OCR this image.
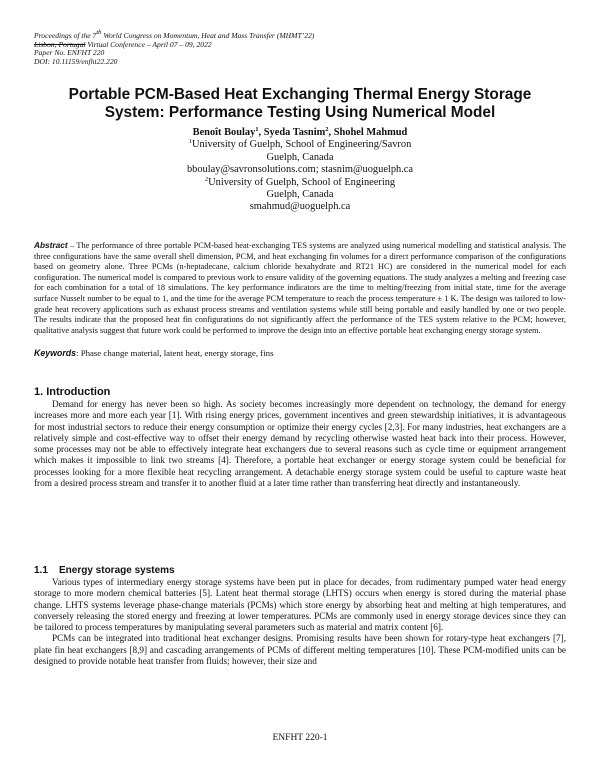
Proceedings of the 7th World Congress on Momentum, Heat and Mass Transfer (MHMT’22)
Lisbon, Portugal Virtual Conference – April 07 – 09, 2022
Paper No. ENFHT 220
DOI: 10.11159/enfht22.220
Portable PCM-Based Heat Exchanging Thermal Energy Storage
System: Performance Testing Using Numerical Model
Benoît Boulay$^1$, Syeda Tasnim$^2$, Shohel Mahmud
$^1$University of Guelph, School of Engineering/Savron
Guelph, Canada
bboulay@savronsolutions.com; stasnim@uoguelph.ca
$^2$University of Guelph, School of Engineering
Guelph, Canada
smahmud@uoguelph.ca
Abstract – The performance of three portable PCM-based heat-exchanging TES systems are analyzed using numerical modelling and statistical analysis. The three configurations have the same overall shell dimension, PCM, and heat exchanging fin volumes for a direct performance comparison of the configurations based on geometry alone. Three PCMs (n-heptadecane, calcium chloride hexahydrate and RT21 HC) are considered in the numerical model for each configuration. The numerical model is compared to previous work to ensure validity of the governing equations. The study analyzes a melting and freezing case for each combination for a total of 18 simulations. The key performance indicators are the time to melting/freezing from initial state, time for the average surface Nusselt number to be equal to 1, and the time for the average PCM temperature to reach the process temperature ± 1 K. The design was tailored to low-grade heat recovery applications such as exhaust process streams and ventilation systems while still being portable and easily handled by one or two people. The results indicate that the proposed heat fin configurations do not significantly affect the performance of the TES system relative to the PCM; however, qualitative analysis suggest that future work could be performed to improve the design into an effective portable heat exchanging energy storage system.
Keywords: Phase change material, latent heat, energy storage, fins
1. Introduction
Demand for energy has never been so high. As society becomes increasingly more dependent on technology, the demand for energy increases more and more each year [1]. With rising energy prices, government incentives and green stewardship initiatives, it is advantageous for most industrial sectors to reduce their energy consumption or optimize their energy cycles [2,3]. For many industries, heat exchangers are a relatively simple and cost-effective way to offset their energy demand by recycling otherwise wasted heat back into their process. However, some processes may not be able to effectively integrate heat exchangers due to several reasons such as cycle time or equipment arrangement which makes it impossible to link two streams [4]. Therefore, a portable heat exchanger or energy storage system could be beneficial for processes looking for a more flexible heat recycling arrangement. A detachable energy storage system could be useful to capture waste heat from a desired process stream and transfer it to another fluid at a later time rather than transferring heat directly and instantaneously.
1.1 Energy storage systems
Various types of intermediary energy storage systems have been put in place for decades, from rudimentary pumped water head energy storage to more modern chemical batteries [5]. Latent heat thermal storage (LHTS) occurs when energy is stored during the material phase change. LHTS systems leverage phase-change materials (PCMs) which store energy by absorbing heat and melting at high temperatures, and conversely releasing the stored energy and freezing at lower temperatures. PCMs are commonly used in energy storage devices since they can be tailored to process temperatures by manipulating several parameters such as material and matrix content [6].
PCMs can be integrated into traditional heat exchanger designs. Promising results have been shown for rotary-type heat exchangers [7], plate fin heat exchangers [8,9] and cascading arrangements of PCMs of different melting temperatures [10]. These PCM-modified units can be designed to provide notable heat transfer from fluids; however, their size and
ENFHT 220-1
